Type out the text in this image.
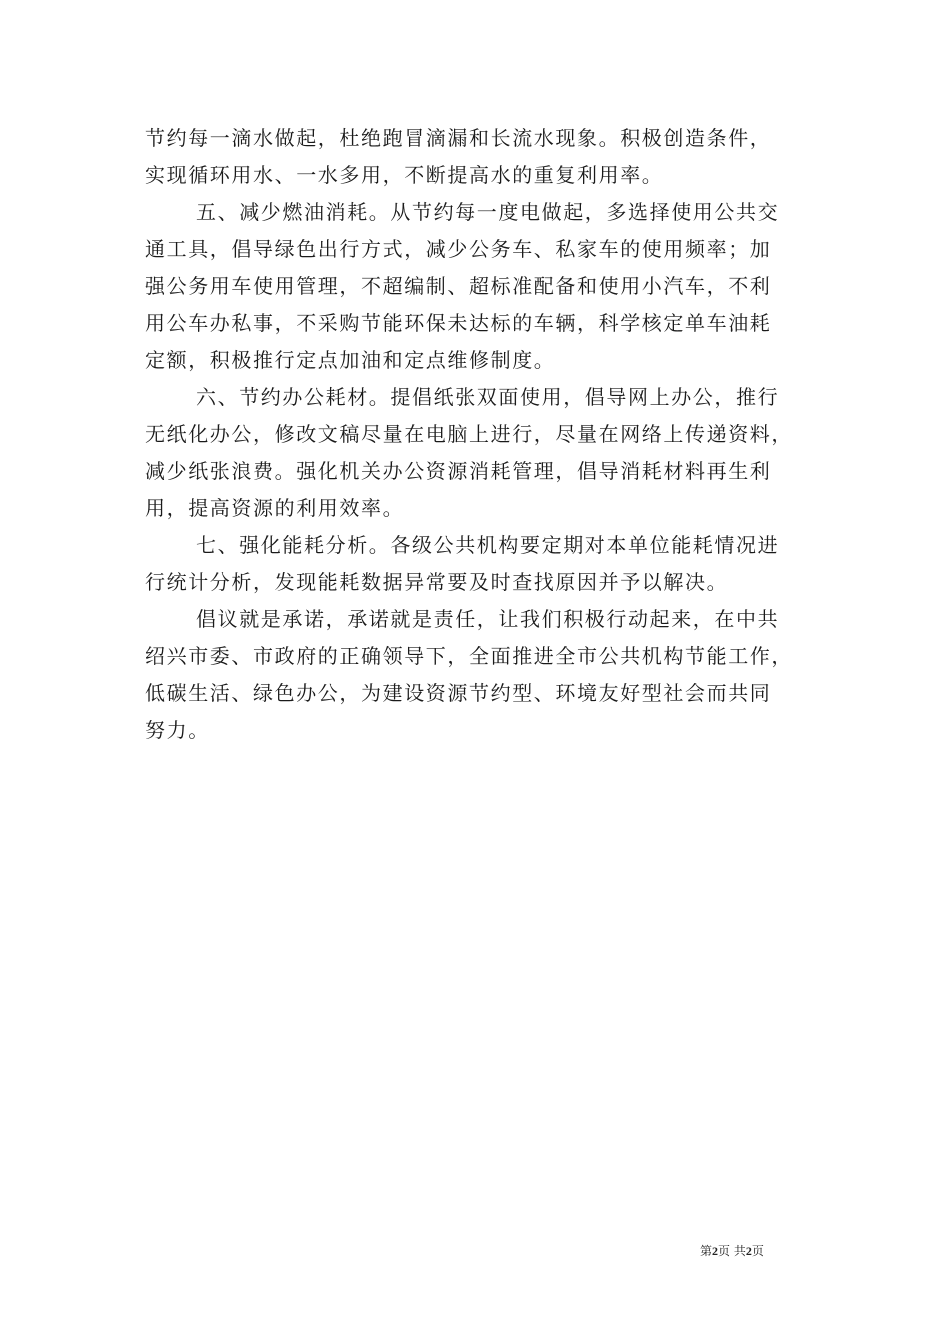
节约每一滴水做起，杜绝跑冒滴漏和长流水现象。积极创造条件，
实现循环用水、一水多用，不断提高水的重复利用率。
五、减少燃油消耗。从节约每一度电做起，多选择使用公共交
通工具，倡导绿色出行方式，减少公务车、私家车的使用频率；加
强公务用车使用管理，不超编制、超标准配备和使用小汽车，不利
用公车办私事，不采购节能环保未达标的车辆，科学核定单车油耗
定额，积极推行定点加油和定点维修制度。
六、节约办公耗材。提倡纸张双面使用，倡导网上办公，推行
无纸化办公，修改文稿尽量在电脑上进行，尽量在网络上传递资料，
减少纸张浪费。强化机关办公资源消耗管理，倡导消耗材料再生利
用，提高资源的利用效率。
七、强化能耗分析。各级公共机构要定期对本单位能耗情况进
行统计分析，发现能耗数据异常要及时查找原因并予以解决。
倡议就是承诺，承诺就是责任，让我们积极行动起来，在中共
绍兴市委、市政府的正确领导下，全面推进全市公共机构节能工作，
低碳生活、绿色办公，为建设资源节约型、环境友好型社会而共同
努力。
第2页 共2页
